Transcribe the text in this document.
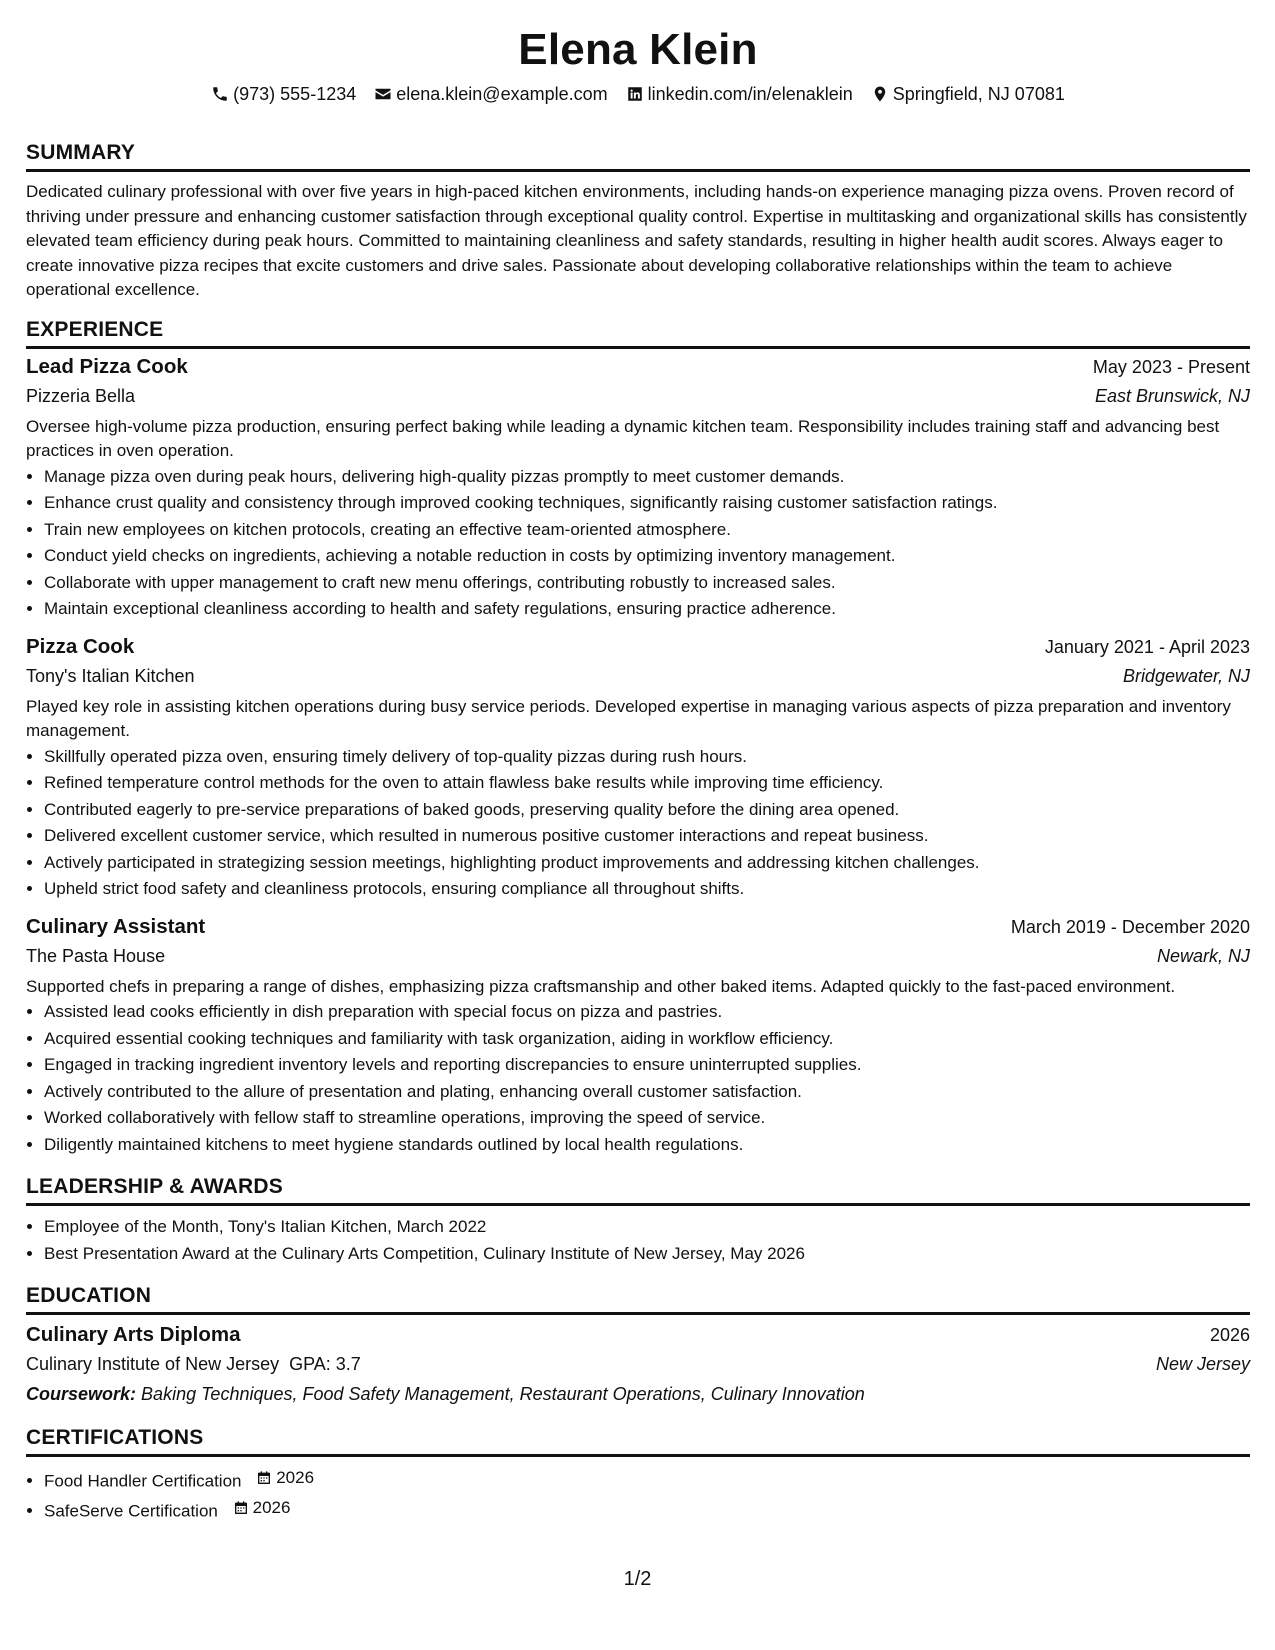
Elena Klein
(973) 555-1234 elena.klein@example.com linkedin.com/in/elenaklein Springfield, NJ 07081
SUMMARY
Dedicated culinary professional with over five years in high-paced kitchen environments, including hands-on experience managing pizza ovens. Proven record of thriving under pressure and enhancing customer satisfaction through exceptional quality control. Expertise in multitasking and organizational skills has consistently elevated team efficiency during peak hours. Committed to maintaining cleanliness and safety standards, resulting in higher health audit scores. Always eager to create innovative pizza recipes that excite customers and drive sales. Passionate about developing collaborative relationships within the team to achieve operational excellence.
EXPERIENCE
Lead Pizza Cook	May 2023 - Present
Pizzeria Bella	East Brunswick, NJ
Oversee high-volume pizza production, ensuring perfect baking while leading a dynamic kitchen team. Responsibility includes training staff and advancing best practices in oven operation.
• Manage pizza oven during peak hours, delivering high-quality pizzas promptly to meet customer demands.
• Enhance crust quality and consistency through improved cooking techniques, significantly raising customer satisfaction ratings.
• Train new employees on kitchen protocols, creating an effective team-oriented atmosphere.
• Conduct yield checks on ingredients, achieving a notable reduction in costs by optimizing inventory management.
• Collaborate with upper management to craft new menu offerings, contributing robustly to increased sales.
• Maintain exceptional cleanliness according to health and safety regulations, ensuring practice adherence.
Pizza Cook	January 2021 - April 2023
Tony's Italian Kitchen	Bridgewater, NJ
Played key role in assisting kitchen operations during busy service periods. Developed expertise in managing various aspects of pizza preparation and inventory management.
• Skillfully operated pizza oven, ensuring timely delivery of top-quality pizzas during rush hours.
• Refined temperature control methods for the oven to attain flawless bake results while improving time efficiency.
• Contributed eagerly to pre-service preparations of baked goods, preserving quality before the dining area opened.
• Delivered excellent customer service, which resulted in numerous positive customer interactions and repeat business.
• Actively participated in strategizing session meetings, highlighting product improvements and addressing kitchen challenges.
• Upheld strict food safety and cleanliness protocols, ensuring compliance all throughout shifts.
Culinary Assistant	March 2019 - December 2020
The Pasta House	Newark, NJ
Supported chefs in preparing a range of dishes, emphasizing pizza craftsmanship and other baked items. Adapted quickly to the fast-paced environment.
• Assisted lead cooks efficiently in dish preparation with special focus on pizza and pastries.
• Acquired essential cooking techniques and familiarity with task organization, aiding in workflow efficiency.
• Engaged in tracking ingredient inventory levels and reporting discrepancies to ensure uninterrupted supplies.
• Actively contributed to the allure of presentation and plating, enhancing overall customer satisfaction.
• Worked collaboratively with fellow staff to streamline operations, improving the speed of service.
• Diligently maintained kitchens to meet hygiene standards outlined by local health regulations.
LEADERSHIP & AWARDS
• Employee of the Month, Tony's Italian Kitchen, March 2022
• Best Presentation Award at the Culinary Arts Competition, Culinary Institute of New Jersey, May 2026
EDUCATION
Culinary Arts Diploma	2026
Culinary Institute of New Jersey GPA: 3.7	New Jersey
Coursework: Baking Techniques, Food Safety Management, Restaurant Operations, Culinary Innovation
CERTIFICATIONS
• Food Handler Certification 2026
• SafeServe Certification 2026
1/2
